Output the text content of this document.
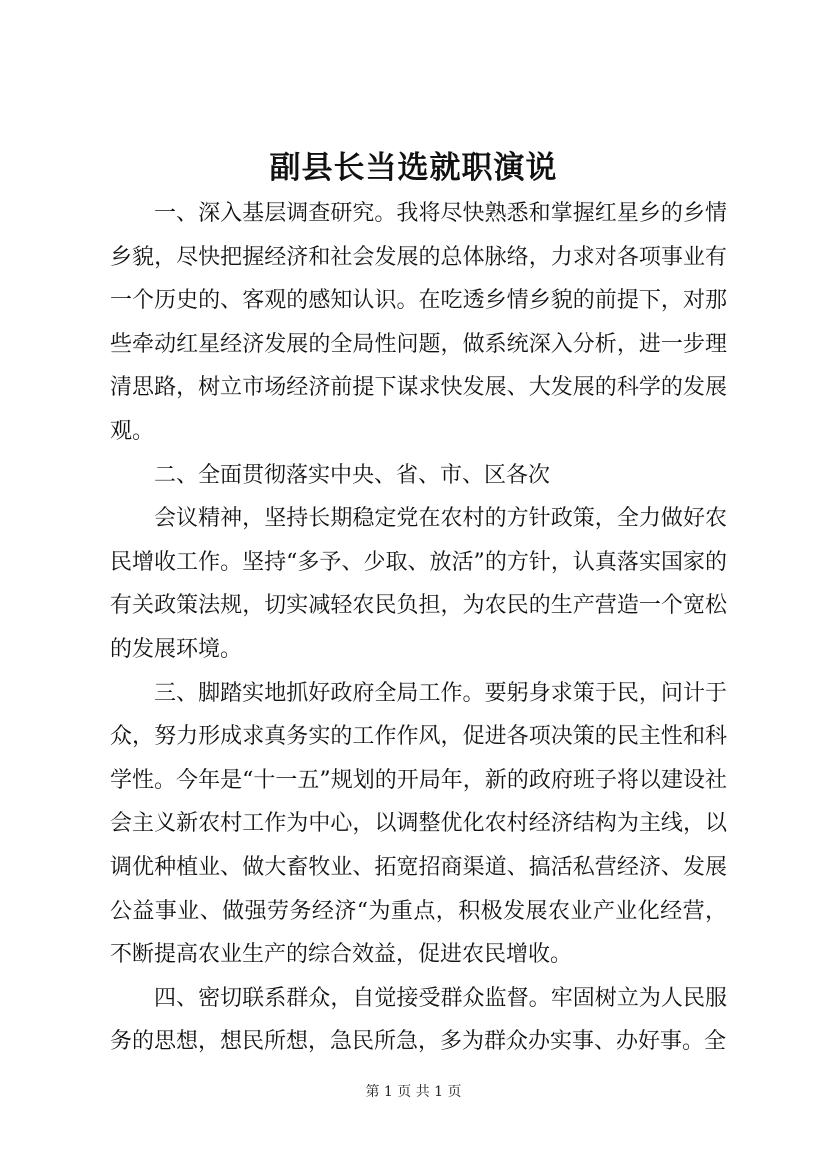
副县长当选就职演说

一、深入基层调查研究。我将尽快熟悉和掌握红星乡的乡情乡貌，尽快把握经济和社会发展的总体脉络，力求对各项事业有一个历史的、客观的感知认识。在吃透乡情乡貌的前提下，对那些牵动红星经济发展的全局性问题，做系统深入分析，进一步理清思路，树立市场经济前提下谋求快发展、大发展的科学的发展观。

二、全面贯彻落实中央、省、市、区各次

会议精神，坚持长期稳定党在农村的方针政策，全力做好农民增收工作。坚持“多予、少取、放活”的方针，认真落实国家的有关政策法规，切实减轻农民负担，为农民的生产营造一个宽松的发展环境。

三、脚踏实地抓好政府全局工作。要躬身求策于民，问计于众，努力形成求真务实的工作作风，促进各项决策的民主性和科学性。今年是“十一五”规划的开局年，新的政府班子将以建设社会主义新农村工作为中心，以调整优化农村经济结构为主线，以调优种植业、做大畜牧业、拓宽招商渠道、搞活私营经济、发展公益事业、做强劳务经济“为重点，积极发展农业产业化经营，不断提高农业生产的综合效益，促进农民增收。

四、密切联系群众，自觉接受群众监督。牢固树立为人民服务的思想，想民所想，急民所急，多为群众办实事、办好事。全

第 1 页 共 1 页
